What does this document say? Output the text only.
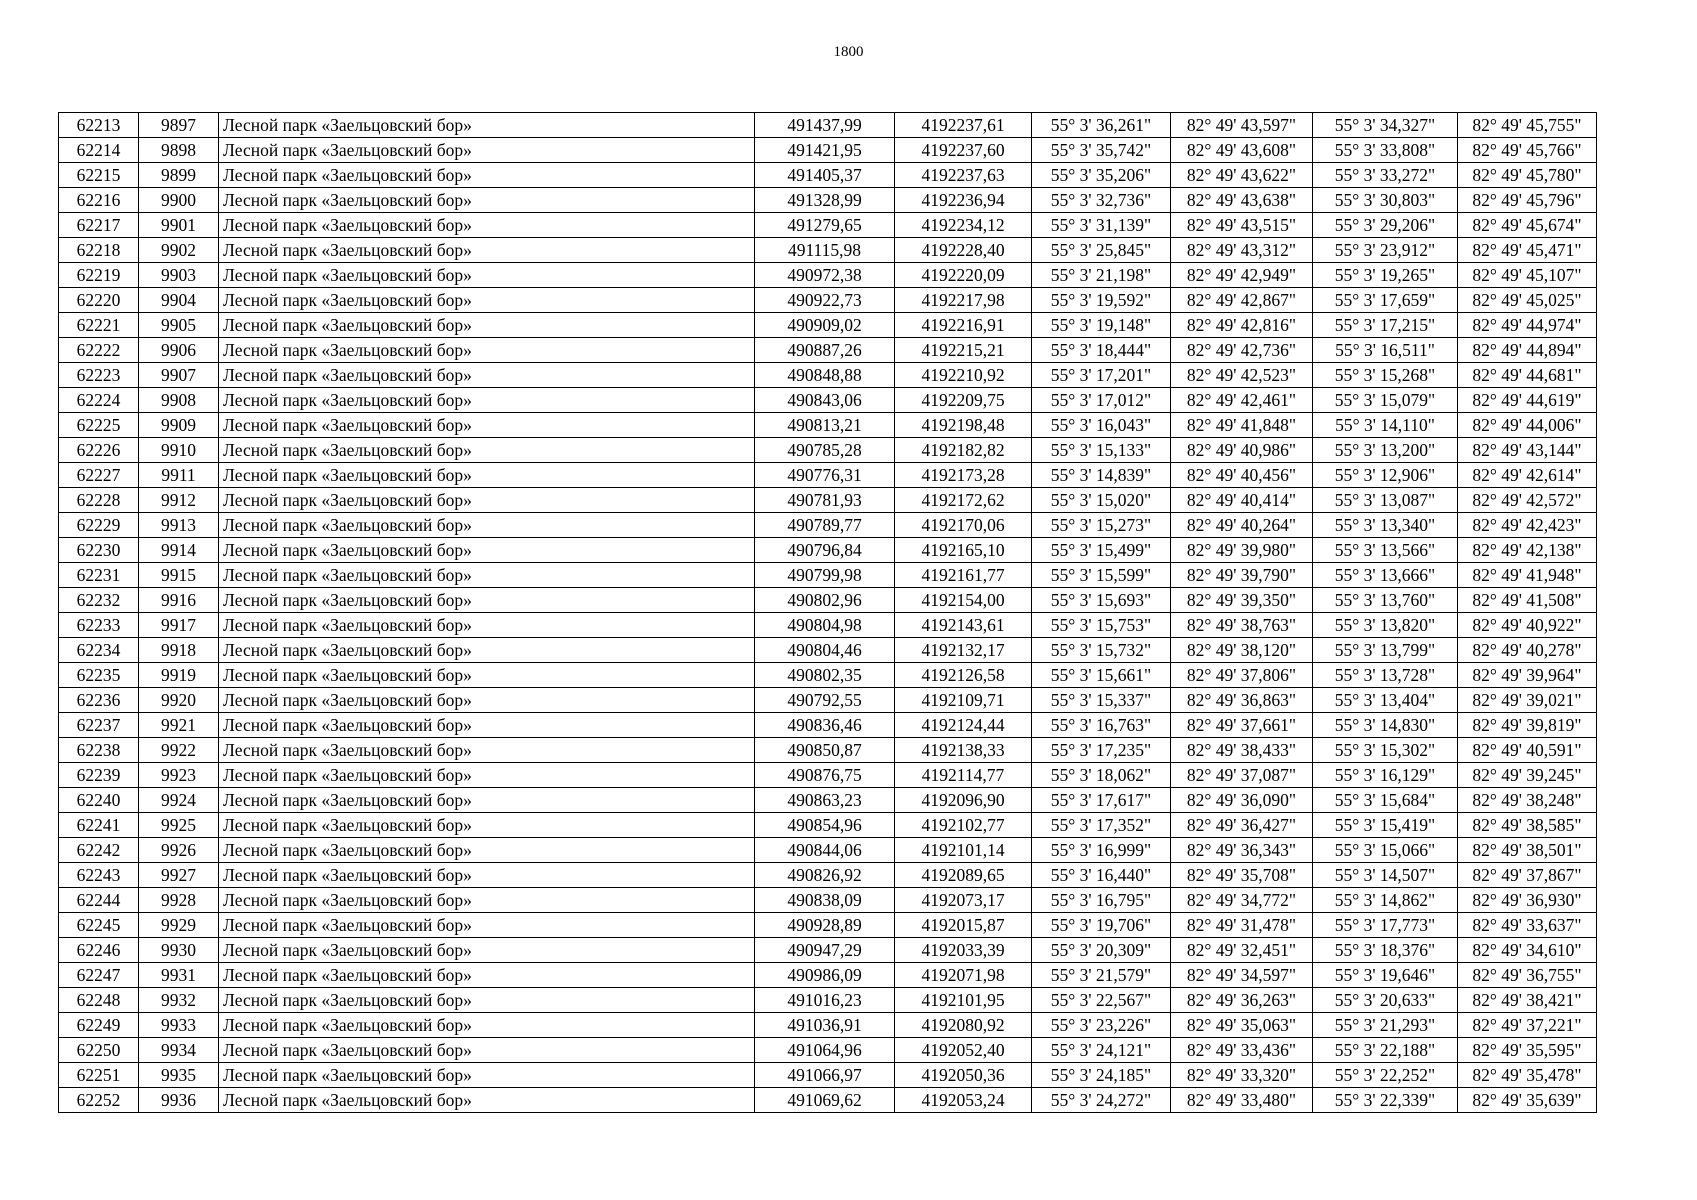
1800
62213	9897	Лесной парк «Заельцовский бор»	491437,99	4192237,61	55° 3' 36,261"	82° 49' 43,597"	55° 3' 34,327"	82° 49' 45,755"
62214	9898	Лесной парк «Заельцовский бор»	491421,95	4192237,60	55° 3' 35,742"	82° 49' 43,608"	55° 3' 33,808"	82° 49' 45,766"
62215	9899	Лесной парк «Заельцовский бор»	491405,37	4192237,63	55° 3' 35,206"	82° 49' 43,622"	55° 3' 33,272"	82° 49' 45,780"
62216	9900	Лесной парк «Заельцовский бор»	491328,99	4192236,94	55° 3' 32,736"	82° 49' 43,638"	55° 3' 30,803"	82° 49' 45,796"
62217	9901	Лесной парк «Заельцовский бор»	491279,65	4192234,12	55° 3' 31,139"	82° 49' 43,515"	55° 3' 29,206"	82° 49' 45,674"
62218	9902	Лесной парк «Заельцовский бор»	491115,98	4192228,40	55° 3' 25,845"	82° 49' 43,312"	55° 3' 23,912"	82° 49' 45,471"
62219	9903	Лесной парк «Заельцовский бор»	490972,38	4192220,09	55° 3' 21,198"	82° 49' 42,949"	55° 3' 19,265"	82° 49' 45,107"
62220	9904	Лесной парк «Заельцовский бор»	490922,73	4192217,98	55° 3' 19,592"	82° 49' 42,867"	55° 3' 17,659"	82° 49' 45,025"
62221	9905	Лесной парк «Заельцовский бор»	490909,02	4192216,91	55° 3' 19,148"	82° 49' 42,816"	55° 3' 17,215"	82° 49' 44,974"
62222	9906	Лесной парк «Заельцовский бор»	490887,26	4192215,21	55° 3' 18,444"	82° 49' 42,736"	55° 3' 16,511"	82° 49' 44,894"
62223	9907	Лесной парк «Заельцовский бор»	490848,88	4192210,92	55° 3' 17,201"	82° 49' 42,523"	55° 3' 15,268"	82° 49' 44,681"
62224	9908	Лесной парк «Заельцовский бор»	490843,06	4192209,75	55° 3' 17,012"	82° 49' 42,461"	55° 3' 15,079"	82° 49' 44,619"
62225	9909	Лесной парк «Заельцовский бор»	490813,21	4192198,48	55° 3' 16,043"	82° 49' 41,848"	55° 3' 14,110"	82° 49' 44,006"
62226	9910	Лесной парк «Заельцовский бор»	490785,28	4192182,82	55° 3' 15,133"	82° 49' 40,986"	55° 3' 13,200"	82° 49' 43,144"
62227	9911	Лесной парк «Заельцовский бор»	490776,31	4192173,28	55° 3' 14,839"	82° 49' 40,456"	55° 3' 12,906"	82° 49' 42,614"
62228	9912	Лесной парк «Заельцовский бор»	490781,93	4192172,62	55° 3' 15,020"	82° 49' 40,414"	55° 3' 13,087"	82° 49' 42,572"
62229	9913	Лесной парк «Заельцовский бор»	490789,77	4192170,06	55° 3' 15,273"	82° 49' 40,264"	55° 3' 13,340"	82° 49' 42,423"
62230	9914	Лесной парк «Заельцовский бор»	490796,84	4192165,10	55° 3' 15,499"	82° 49' 39,980"	55° 3' 13,566"	82° 49' 42,138"
62231	9915	Лесной парк «Заельцовский бор»	490799,98	4192161,77	55° 3' 15,599"	82° 49' 39,790"	55° 3' 13,666"	82° 49' 41,948"
62232	9916	Лесной парк «Заельцовский бор»	490802,96	4192154,00	55° 3' 15,693"	82° 49' 39,350"	55° 3' 13,760"	82° 49' 41,508"
62233	9917	Лесной парк «Заельцовский бор»	490804,98	4192143,61	55° 3' 15,753"	82° 49' 38,763"	55° 3' 13,820"	82° 49' 40,922"
62234	9918	Лесной парк «Заельцовский бор»	490804,46	4192132,17	55° 3' 15,732"	82° 49' 38,120"	55° 3' 13,799"	82° 49' 40,278"
62235	9919	Лесной парк «Заельцовский бор»	490802,35	4192126,58	55° 3' 15,661"	82° 49' 37,806"	55° 3' 13,728"	82° 49' 39,964"
62236	9920	Лесной парк «Заельцовский бор»	490792,55	4192109,71	55° 3' 15,337"	82° 49' 36,863"	55° 3' 13,404"	82° 49' 39,021"
62237	9921	Лесной парк «Заельцовский бор»	490836,46	4192124,44	55° 3' 16,763"	82° 49' 37,661"	55° 3' 14,830"	82° 49' 39,819"
62238	9922	Лесной парк «Заельцовский бор»	490850,87	4192138,33	55° 3' 17,235"	82° 49' 38,433"	55° 3' 15,302"	82° 49' 40,591"
62239	9923	Лесной парк «Заельцовский бор»	490876,75	4192114,77	55° 3' 18,062"	82° 49' 37,087"	55° 3' 16,129"	82° 49' 39,245"
62240	9924	Лесной парк «Заельцовский бор»	490863,23	4192096,90	55° 3' 17,617"	82° 49' 36,090"	55° 3' 15,684"	82° 49' 38,248"
62241	9925	Лесной парк «Заельцовский бор»	490854,96	4192102,77	55° 3' 17,352"	82° 49' 36,427"	55° 3' 15,419"	82° 49' 38,585"
62242	9926	Лесной парк «Заельцовский бор»	490844,06	4192101,14	55° 3' 16,999"	82° 49' 36,343"	55° 3' 15,066"	82° 49' 38,501"
62243	9927	Лесной парк «Заельцовский бор»	490826,92	4192089,65	55° 3' 16,440"	82° 49' 35,708"	55° 3' 14,507"	82° 49' 37,867"
62244	9928	Лесной парк «Заельцовский бор»	490838,09	4192073,17	55° 3' 16,795"	82° 49' 34,772"	55° 3' 14,862"	82° 49' 36,930"
62245	9929	Лесной парк «Заельцовский бор»	490928,89	4192015,87	55° 3' 19,706"	82° 49' 31,478"	55° 3' 17,773"	82° 49' 33,637"
62246	9930	Лесной парк «Заельцовский бор»	490947,29	4192033,39	55° 3' 20,309"	82° 49' 32,451"	55° 3' 18,376"	82° 49' 34,610"
62247	9931	Лесной парк «Заельцовский бор»	490986,09	4192071,98	55° 3' 21,579"	82° 49' 34,597"	55° 3' 19,646"	82° 49' 36,755"
62248	9932	Лесной парк «Заельцовский бор»	491016,23	4192101,95	55° 3' 22,567"	82° 49' 36,263"	55° 3' 20,633"	82° 49' 38,421"
62249	9933	Лесной парк «Заельцовский бор»	491036,91	4192080,92	55° 3' 23,226"	82° 49' 35,063"	55° 3' 21,293"	82° 49' 37,221"
62250	9934	Лесной парк «Заельцовский бор»	491064,96	4192052,40	55° 3' 24,121"	82° 49' 33,436"	55° 3' 22,188"	82° 49' 35,595"
62251	9935	Лесной парк «Заельцовский бор»	491066,97	4192050,36	55° 3' 24,185"	82° 49' 33,320"	55° 3' 22,252"	82° 49' 35,478"
62252	9936	Лесной парк «Заельцовский бор»	491069,62	4192053,24	55° 3' 24,272"	82° 49' 33,480"	55° 3' 22,339"	82° 49' 35,639"
